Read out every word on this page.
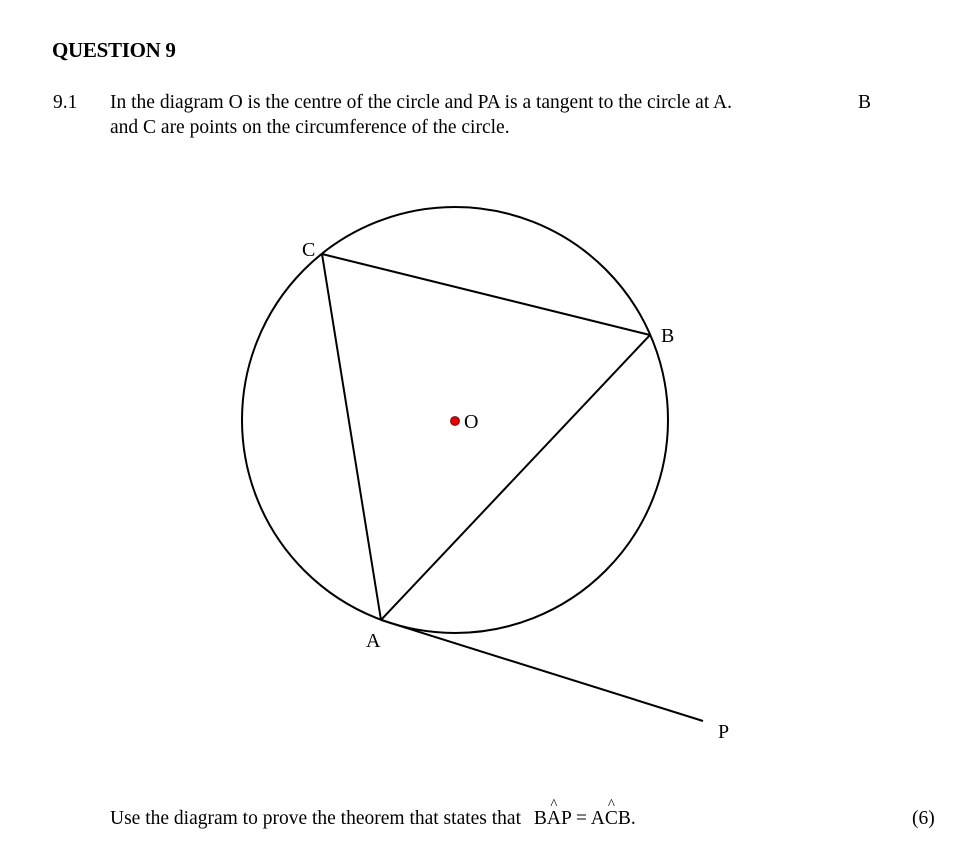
QUESTION 9
9.1 In the diagram O is the centre of the circle and PA is a tangent to the circle at A.	B
and C are points on the circumference of the circle.
O
C
B
A
P
Use the diagram to prove the theorem that states that B^ AP = A^ CB.	(6)
